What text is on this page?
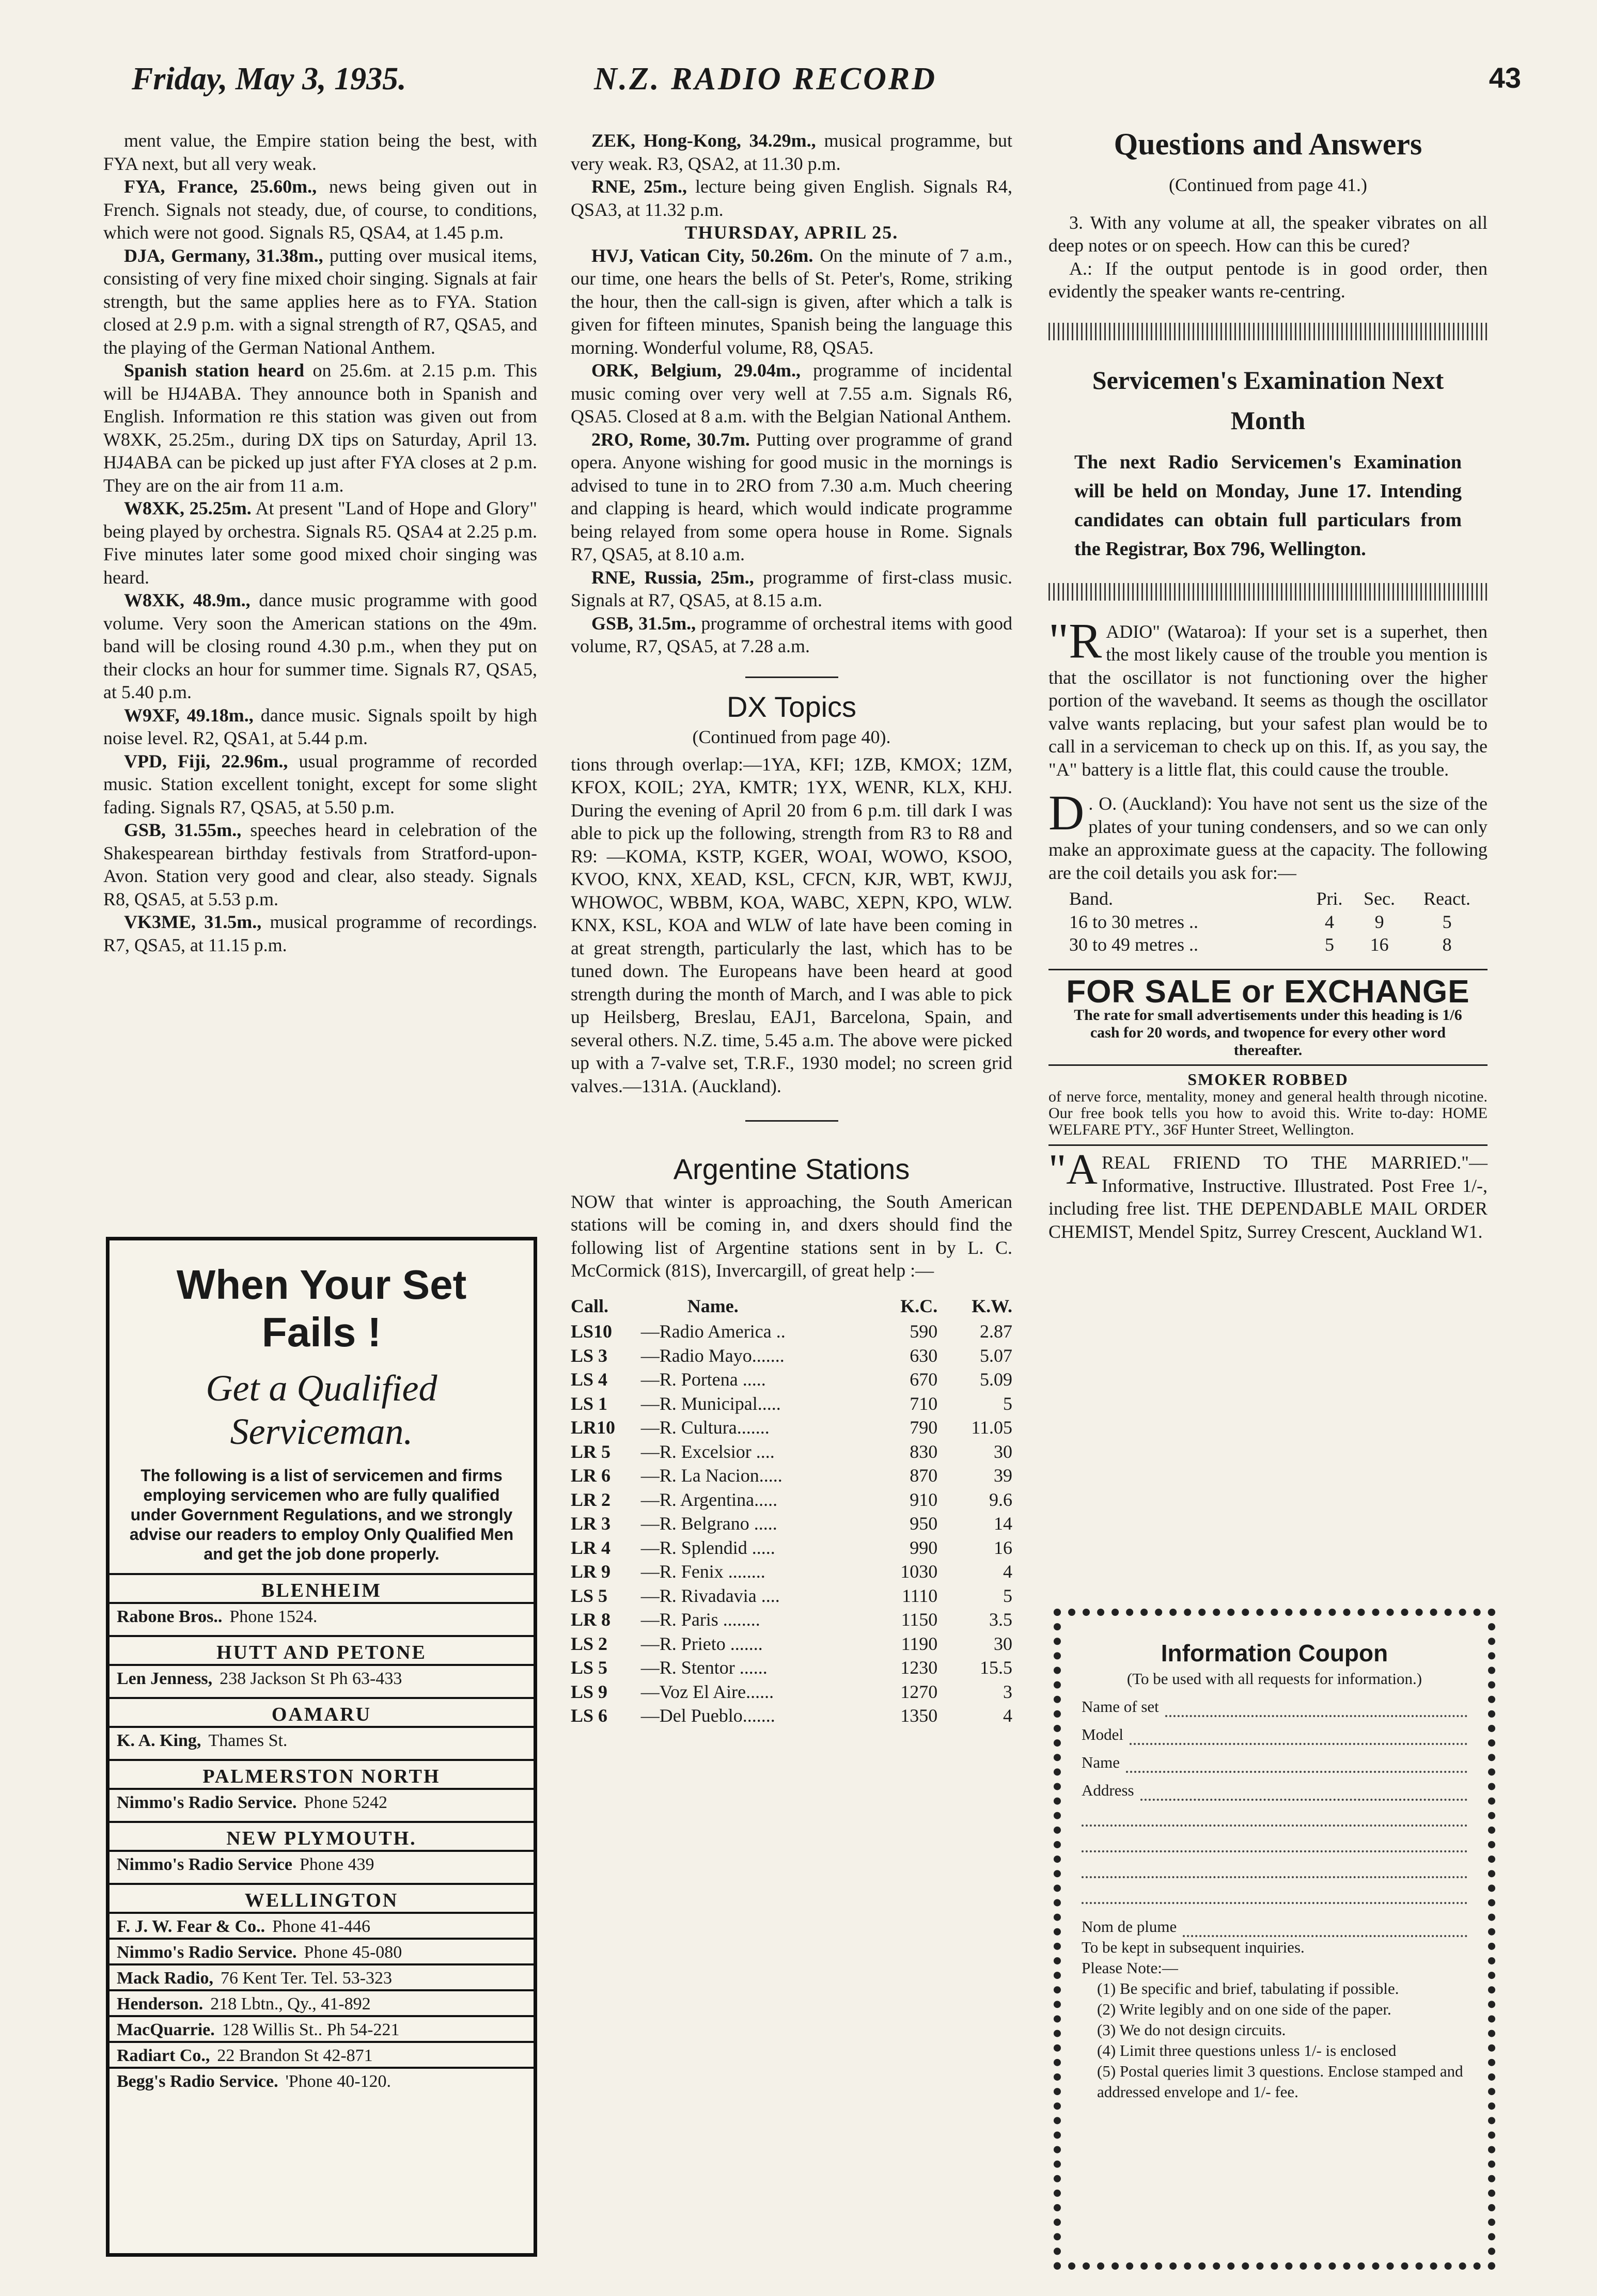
Friday, May 3, 1935.	N.Z. RADIO RECORD	43

ment value, the Empire station being the best, with FYA next, but all very weak.

FYA, France, 25.60m., news being given out in French. Signals not steady, due, of course, to conditions, which were not good. Signals R5, QSA4, at 1.45 p.m.

DJA, Germany, 31.38m., putting over musical items, consisting of very fine mixed choir singing. Signals at fair strength, but the same applies here as to FYA. Station closed at 2.9 p.m. with a signal strength of R7, QSA5, and the playing of the German National Anthem.

Spanish station heard on 25.6m. at 2.15 p.m. This will be HJ4ABA. They announce both in Spanish and English. Information re this station was given out from W8XK, 25.25m., during DX tips on Saturday, April 13. HJ4ABA can be picked up just after FYA closes at 2 p.m. They are on the air from 11 a.m.

W8XK, 25.25m. At present "Land of Hope and Glory" being played by orchestra. Signals R5. QSA4 at 2.25 p.m. Five minutes later some good mixed choir singing was heard.

W8XK, 48.9m., dance music programme with good volume. Very soon the American stations on the 49m. band will be closing round 4.30 p.m., when they put on their clocks an hour for summer time. Signals R7, QSA5, at 5.40 p.m.

W9XF, 49.18m., dance music. Signals spoilt by high noise level. R2, QSA1, at 5.44 p.m.

VPD, Fiji, 22.96m., usual programme of recorded music. Station excellent tonight, except for some slight fading. Signals R7, QSA5, at 5.50 p.m.

GSB, 31.55m., speeches heard in celebration of the Shakespearean birthday festivals from Stratford-upon-Avon. Station very good and clear, also steady. Signals R8, QSA5, at 5.53 p.m.

VK3ME, 31.5m., musical programme of recordings. R7, QSA5, at 11.15 p.m.

When Your Set
Fails !
Get a Qualified
Serviceman.
The following is a list of servicemen and firms employing servicemen who are fully qualified under Government Regulations, and we strongly advise our readers to employ Only Qualified Men and get the job done properly.
BLENHEIM
Rabone Bros.. Phone 1524.
HUTT AND PETONE
Len Jenness, 238 Jackson St Ph 63-433
OAMARU
K. A. King, Thames St.
PALMERSTON NORTH
Nimmo's Radio Service. Phone 5242
NEW PLYMOUTH.
Nimmo's Radio Service Phone 439
WELLINGTON
F. J. W. Fear & Co.. Phone 41-446
Nimmo's Radio Service. Phone 45-080
Mack Radio, 76 Kent Ter. Tel. 53-323
Henderson. 218 Lbtn., Qy., 41-892
MacQuarrie. 128 Willis St.. Ph 54-221
Radiart Co., 22 Brandon St 42-871
Begg's Radio Service. 'Phone 40-120.

ZEK, Hong-Kong, 34.29m., musical programme, but very weak. R3, QSA2, at 11.30 p.m.

RNE, 25m., lecture being given English. Signals R4, QSA3, at 11.32 p.m.

THURSDAY, APRIL 25.

HVJ, Vatican City, 50.26m. On the minute of 7 a.m., our time, one hears the bells of St. Peter's, Rome, striking the hour, then the call-sign is given, after which a talk is given for fifteen minutes, Spanish being the language this morning. Wonderful volume, R8, QSA5.

ORK, Belgium, 29.04m., programme of incidental music coming over very well at 7.55 a.m. Signals R6, QSA5. Closed at 8 a.m. with the Belgian National Anthem.

2RO, Rome, 30.7m. Putting over programme of grand opera. Anyone wishing for good music in the mornings is advised to tune in to 2RO from 7.30 a.m. Much cheering and clapping is heard, which would indicate programme being relayed from some opera house in Rome. Signals R7, QSA5, at 8.10 a.m.

RNE, Russia, 25m., programme of first-class music. Signals at R7, QSA5, at 8.15 a.m.

GSB, 31.5m., programme of orchestral items with good volume, R7, QSA5, at 7.28 a.m.

DX Topics
(Continued from page 40).

tions through overlap:—1YA, KFI; 1ZB, KMOX; 1ZM, KFOX, KOIL; 2YA, KMTR; 1YX, WENR, KLX, KHJ. During the evening of April 20 from 6 p.m. till dark I was able to pick up the following, strength from R3 to R8 and R9: —KOMA, KSTP, KGER, WOAI, WOWO, KSOO, KVOO, KNX, XEAD, KSL, CFCN, KJR, WBT, KWJJ, WHOWOC, WBBM, KOA, WABC, XEPN, KPO, WLW. KNX, KSL, KOA and WLW of late have been coming in at great strength, particularly the last, which has to be tuned down. The Europeans have been heard at good strength during the month of March, and I was able to pick up Heilsberg, Breslau, EAJ1, Barcelona, Spain, and several others. N.Z. time, 5.45 a.m. The above were picked up with a 7-valve set, T.R.F., 1930 model; no screen grid valves.—131A. (Auckland).

Argentine Stations

NOW that winter is approaching, the South American stations will be coming in, and dxers should find the following list of Argentine stations sent in by L. C. McCormick (81S), Invercargill, of great help :—

Call.	Name.	K.C.	K.W.
LS10	—Radio America ..	590	2.87
LS 3	—Radio Mayo.......	630	5.07
LS 4	—R. Portena .....	670	5.09
LS 1	—R. Municipal.....	710	5
LR10	—R. Cultura.......	790	11.05
LR 5	—R. Excelsior ....	830	30
LR 6	—R. La Nacion.....	870	39
LR 2	—R. Argentina.....	910	9.6
LR 3	—R. Belgrano .....	950	14
LR 4	—R. Splendid .....	990	16
LR 9	—R. Fenix ........	1030	4
LS 5	—R. Rivadavia ....	1110	5
LR 8	—R. Paris ........	1150	3.5
LS 2	—R. Prieto .......	1190	30
LS 5	—R. Stentor ......	1230	15.5
LS 9	—Voz El Aire......	1270	3
LS 6	—Del Pueblo.......	1350	4
Questions and Answers
(Continued from page 41.)

3. With any volume at all, the speaker vibrates on all deep notes or on speech. How can this be cured?

A.: If the output pentode is in good order, then evidently the speaker wants re-centring.

Servicemen's Examination Next
Month

The next Radio Servicemen's Examination will be held on Monday, June 17. Intending candidates can obtain full particulars from the Registrar, Box 796, Wellington.

"RADIO" (Wataroa): If your set is a superhet, then the most likely cause of the trouble you mention is that the oscillator is not functioning over the higher portion of the waveband. It seems as though the oscillator valve wants replacing, but your safest plan would be to call in a serviceman to check up on this. If, as you say, the "A" battery is a little flat, this could cause the trouble.

D . O. (Auckland): You have not sent us the size of the plates of your tuning condensers, and so we can only make an approximate guess at the capacity. The following are the coil details you ask for:—

Band.	Pri.	Sec.	React.
16 to 30 metres ..	4	9	5
30 to 49 metres ..	5	16	8
FOR SALE or EXCHANGE

The rate for small advertisements under this heading is 1/6 cash for 20 words, and twopence for every other word thereafter.

SMOKER ROBBED

of nerve force, mentality, money and general health through nicotine. Our free book tells you how to avoid this. Write to-day: HOME WELFARE PTY., 36F Hunter Street, Wellington.

"A REAL FRIEND TO THE MARRIED."—Informative, Instructive. Illustrated. Post Free 1/-, including free list. THE DEPENDABLE MAIL ORDER CHEMIST, Mendel Spitz, Surrey Crescent, Auckland W1.

Information Coupon
(To be used with all requests for information.)
Name of set
Model
Name
Address
Nom de plume
To be kept in subsequent inquiries.
Please Note:—
(1) Be specific and brief, tabulating if possible.
(2) Write legibly and on one side of the paper.
(3) We do not design circuits.
(4) Limit three questions unless 1/- is enclosed
(5) Postal queries limit 3 questions. Enclose stamped and addressed envelope and 1/- fee.
